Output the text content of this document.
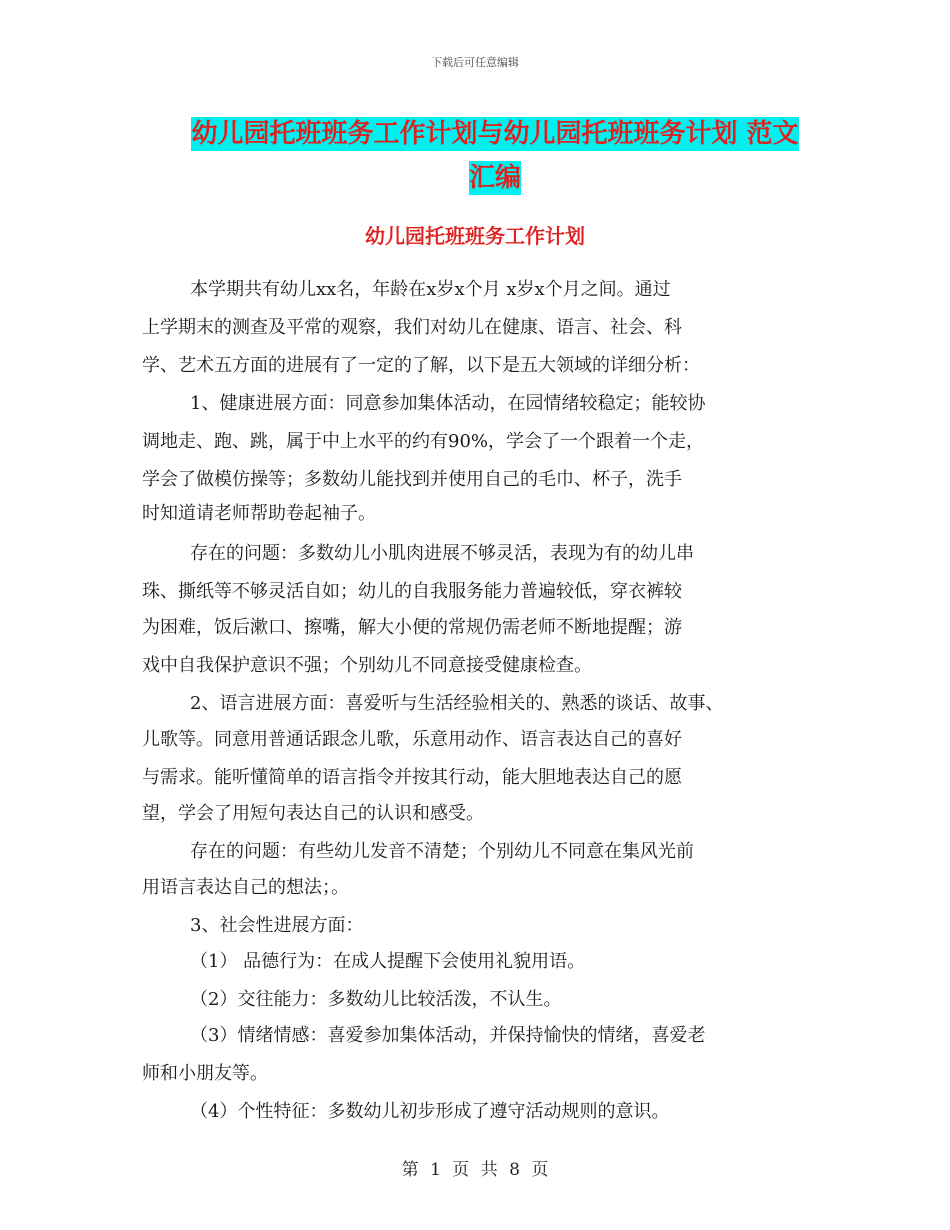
下载后可任意编辑
幼儿园托班班务工作计划与幼儿园托班班务计划 范文
汇编
幼儿园托班班务工作计划
本学期共有幼儿xx名，年龄在x岁x个月 x岁x个月之间。通过
上学期末的测查及平常的观察，我们对幼儿在健康、语言、社会、科
学、艺术五方面的进展有了一定的了解，以下是五大领域的详细分析：
1、健康进展方面：同意参加集体活动，在园情绪较稳定；能较协
调地走、跑、跳，属于中上水平的约有90%，学会了一个跟着一个走，
学会了做模仿操等；多数幼儿能找到并使用自己的毛巾、杯子，洗手
时知道请老师帮助卷起袖子。
存在的问题：多数幼儿小肌肉进展不够灵活，表现为有的幼儿串
珠、撕纸等不够灵活自如；幼儿的自我服务能力普遍较低，穿衣裤较
为困难，饭后漱口、擦嘴，解大小便的常规仍需老师不断地提醒；游
戏中自我保护意识不强；个别幼儿不同意接受健康检查。
2、语言进展方面：喜爱听与生活经验相关的、熟悉的谈话、故事、
儿歌等。同意用普通话跟念儿歌，乐意用动作、语言表达自己的喜好
与需求。能听懂简单的语言指令并按其行动，能大胆地表达自己的愿
望，学会了用短句表达自己的认识和感受。
存在的问题：有些幼儿发音不清楚；个别幼儿不同意在集风光前
用语言表达自己的想法；。
3、社会性进展方面：
（1） 品德行为：在成人提醒下会使用礼貌用语。
（2）交往能力：多数幼儿比较活泼，不认生。
（3）情绪情感：喜爱参加集体活动，并保持愉快的情绪，喜爱老
师和小朋友等。
（4）个性特征：多数幼儿初步形成了遵守活动规则的意识。
第 1 页 共 8 页
